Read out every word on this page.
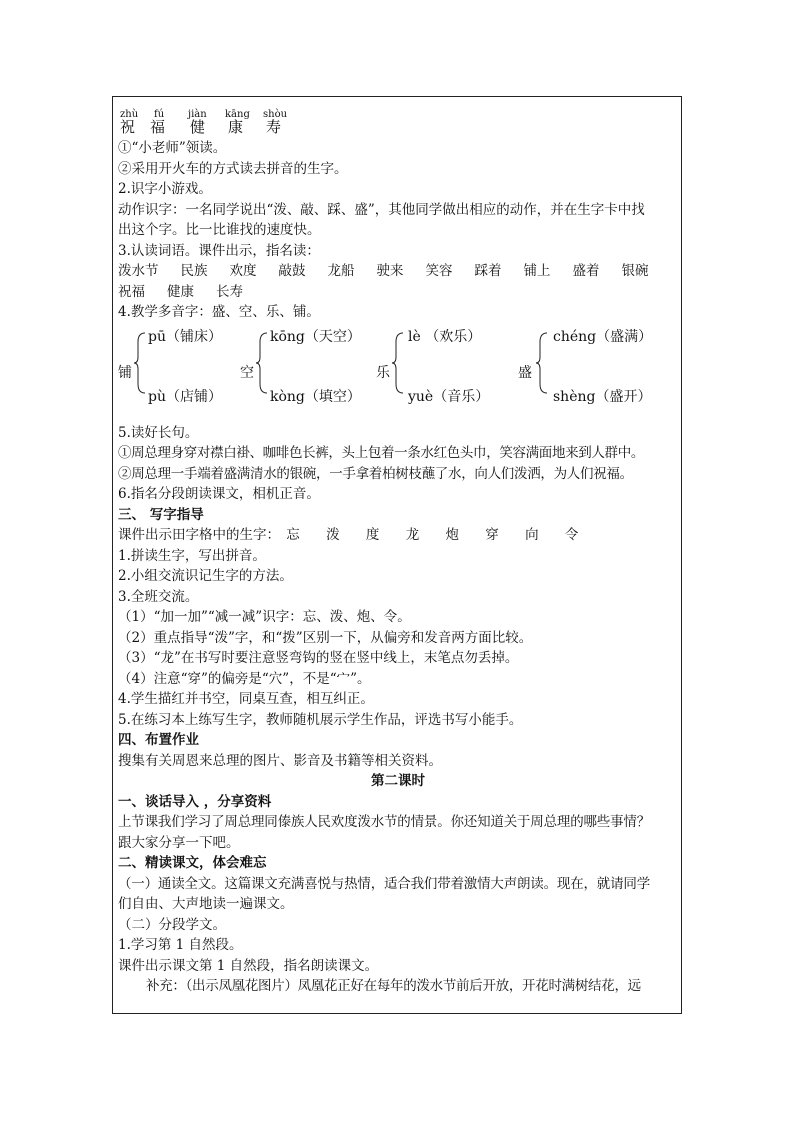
zhù
祝
fú
福
jiàn
健
kāng
康
shòu
寿
①“小老师”领读。
②采用开火车的方式读去拼音的生字。
2.识字小游戏。
动作识字：一名同学说出“泼、敲、踩、盛”，其他同学做出相应的动作，并在生字卡中找
出这个字。比一比谁找的速度快。
3.认读词语。课件出示，指名读：
泼水节 民族 欢度 敲鼓 龙船 驶来 笑容 踩着 铺上 盛着 银碗
祝福 健康 长寿
4.教学多音字：盛、空、乐、铺。
铺
pū（铺床）
pù（店铺）
空
kōng（天空）
kòng（填空）
乐
lè （欢乐）
yuè（音乐）
盛
chéng（盛满）
shèng（盛开）
5.读好长句。
①周总理身穿对襟白褂、咖啡色长裤，头上包着一条水红色头巾，笑容满面地来到人群中。
②周总理一手端着盛满清水的银碗，一手拿着柏树枝蘸了水，向人们泼洒，为人们祝福。
6.指名分段朗读课文，相机正音。
三、 写字指导
课件出示田字格中的生字： 忘 泼 度 龙 炮 穿 向 令
1.拼读生字，写出拼音。
2.小组交流识记生字的方法。
3.全班交流。
（1）“加一加”“减一减”识字：忘、泼、炮、令。
（2）重点指导“泼”字，和“拨”区别一下，从偏旁和发音两方面比较。
（3）“龙”在书写时要注意竖弯钩的竖在竖中线上，末笔点勿丢掉。
（4）注意“穿”的偏旁是“穴”，不是“宀”。
4.学生描红并书空，同桌互查，相互纠正。
5.在练习本上练写生字，教师随机展示学生作品，评选书写小能手。
四、布置作业
搜集有关周恩来总理的图片、影音及书籍等相关资料。
第二课时
一、谈话导入 ，分享资料
上节课我们学习了周总理同傣族人民欢度泼水节的情景。你还知道关于周总理的哪些事情？
跟大家分享一下吧。
二、精读课文，体会难忘
（一）通读全文。这篇课文充满喜悦与热情，适合我们带着激情大声朗读。现在，就请同学
们自由、大声地读一遍课文。
（二）分段学文。
1.学习第 1 自然段。
课件出示课文第 1 自然段，指名朗读课文。
补充：（出示凤凰花图片）凤凰花正好在每年的泼水节前后开放，开花时满树结花，远
